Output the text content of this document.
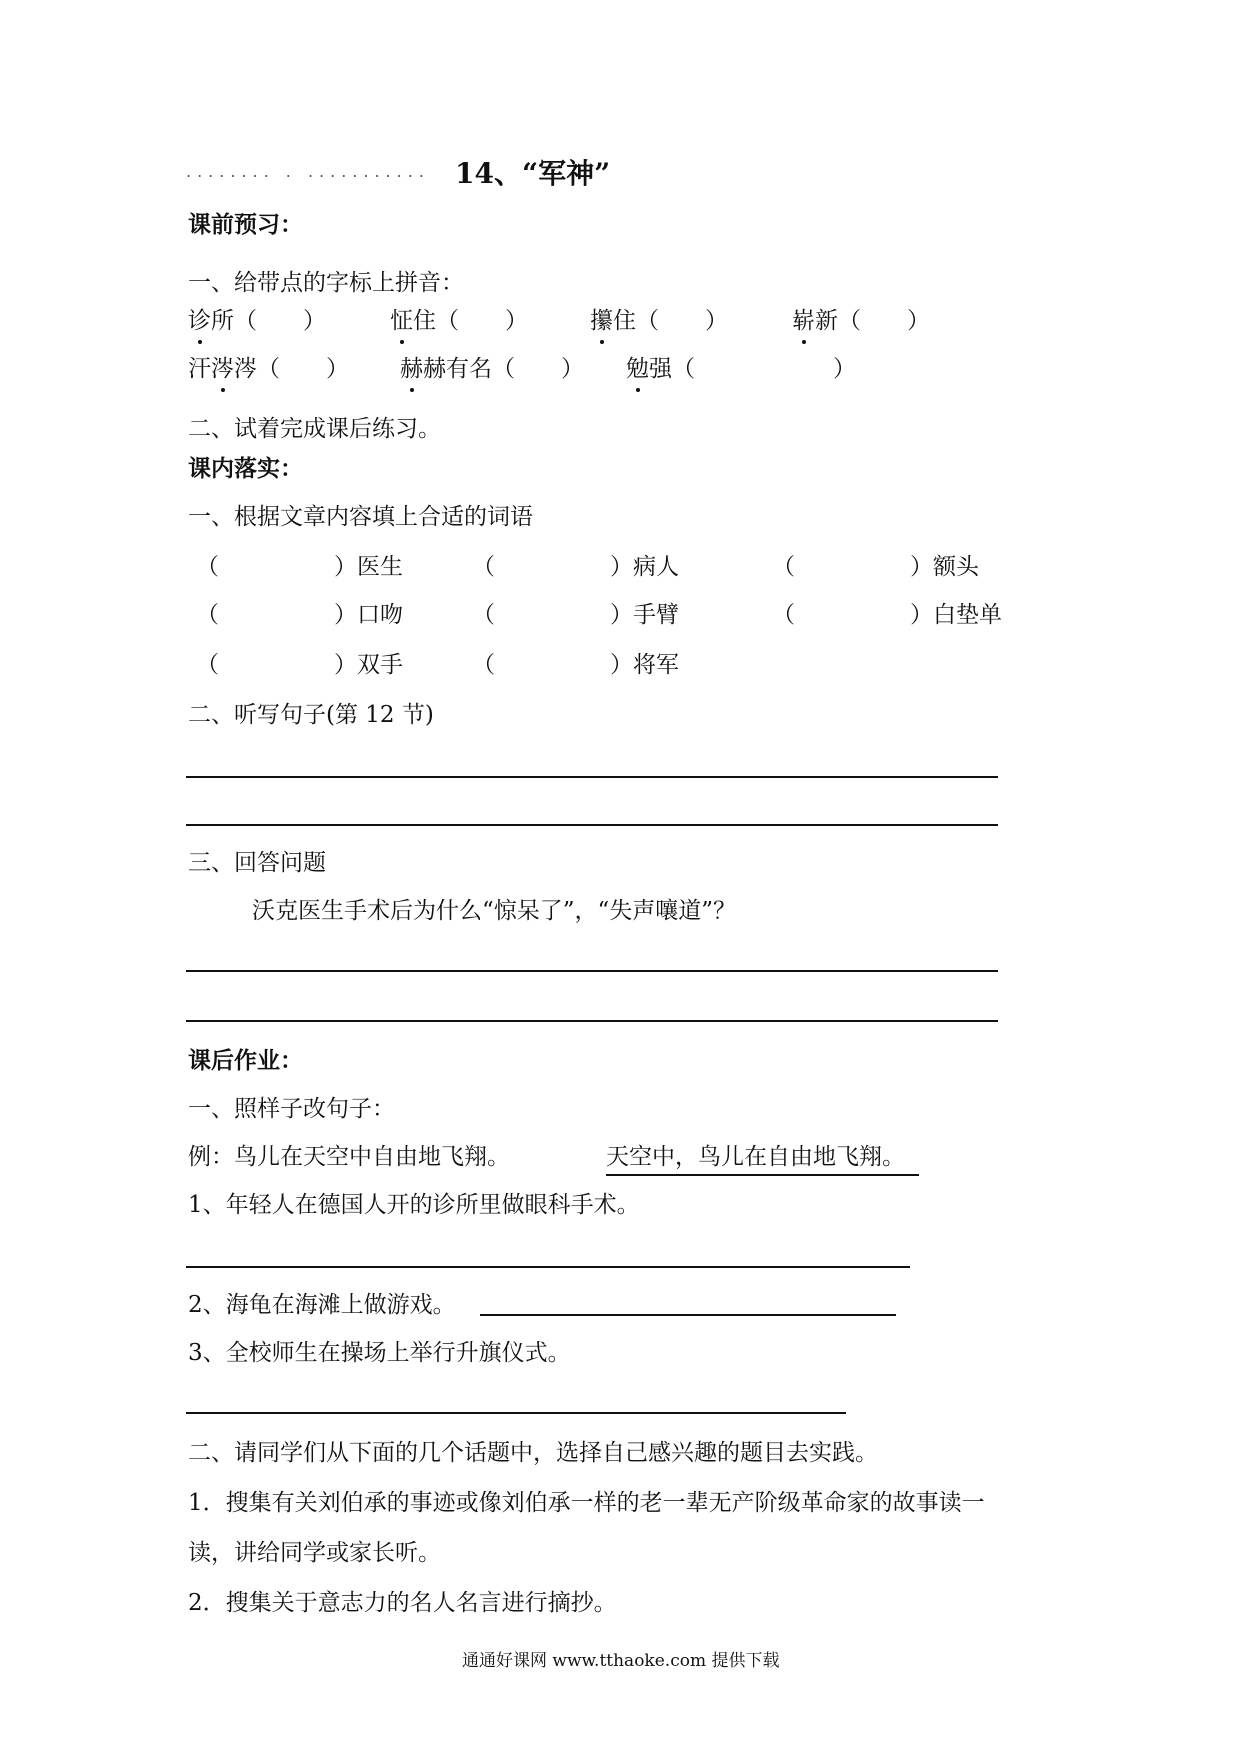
........ . ........... 14、“军神”
课前预习：
一、给带点的字标上拼音：
诊所（　　）	怔住（　　）	攥住（　　）	崭新（　　）
汗涔涔（　　） 赫赫有名（　　） 勉强（　　　　　　）
二、试着完成课后练习。
课内落实：
一、根据文章内容填上合适的词语
（　　　　　）医生	（　　　　　）病人	（　　　　　）额头
（　　　　　）口吻	（　　　　　）手臂	（　　　　　）白垫单
（　　　　　）双手	（　　　　　）将军
二、听写句子(第 12 节)
三、回答问题
沃克医生手术后为什么“惊呆了”，“失声嚷道”？
课后作业：
一、照样子改句子：
例：鸟儿在天空中自由地飞翔。	天空中，鸟儿在自由地飞翔。
1、年轻人在德国人开的诊所里做眼科手术。
2、海龟在海滩上做游戏。
3、全校师生在操场上举行升旗仪式。
二、请同学们从下面的几个话题中，选择自己感兴趣的题目去实践。
1．搜集有关刘伯承的事迹或像刘伯承一样的老一辈无产阶级革命家的故事读一
读，讲给同学或家长听。
2．搜集关于意志力的名人名言进行摘抄。
通通好课网 www.tthaoke.com 提供下载
